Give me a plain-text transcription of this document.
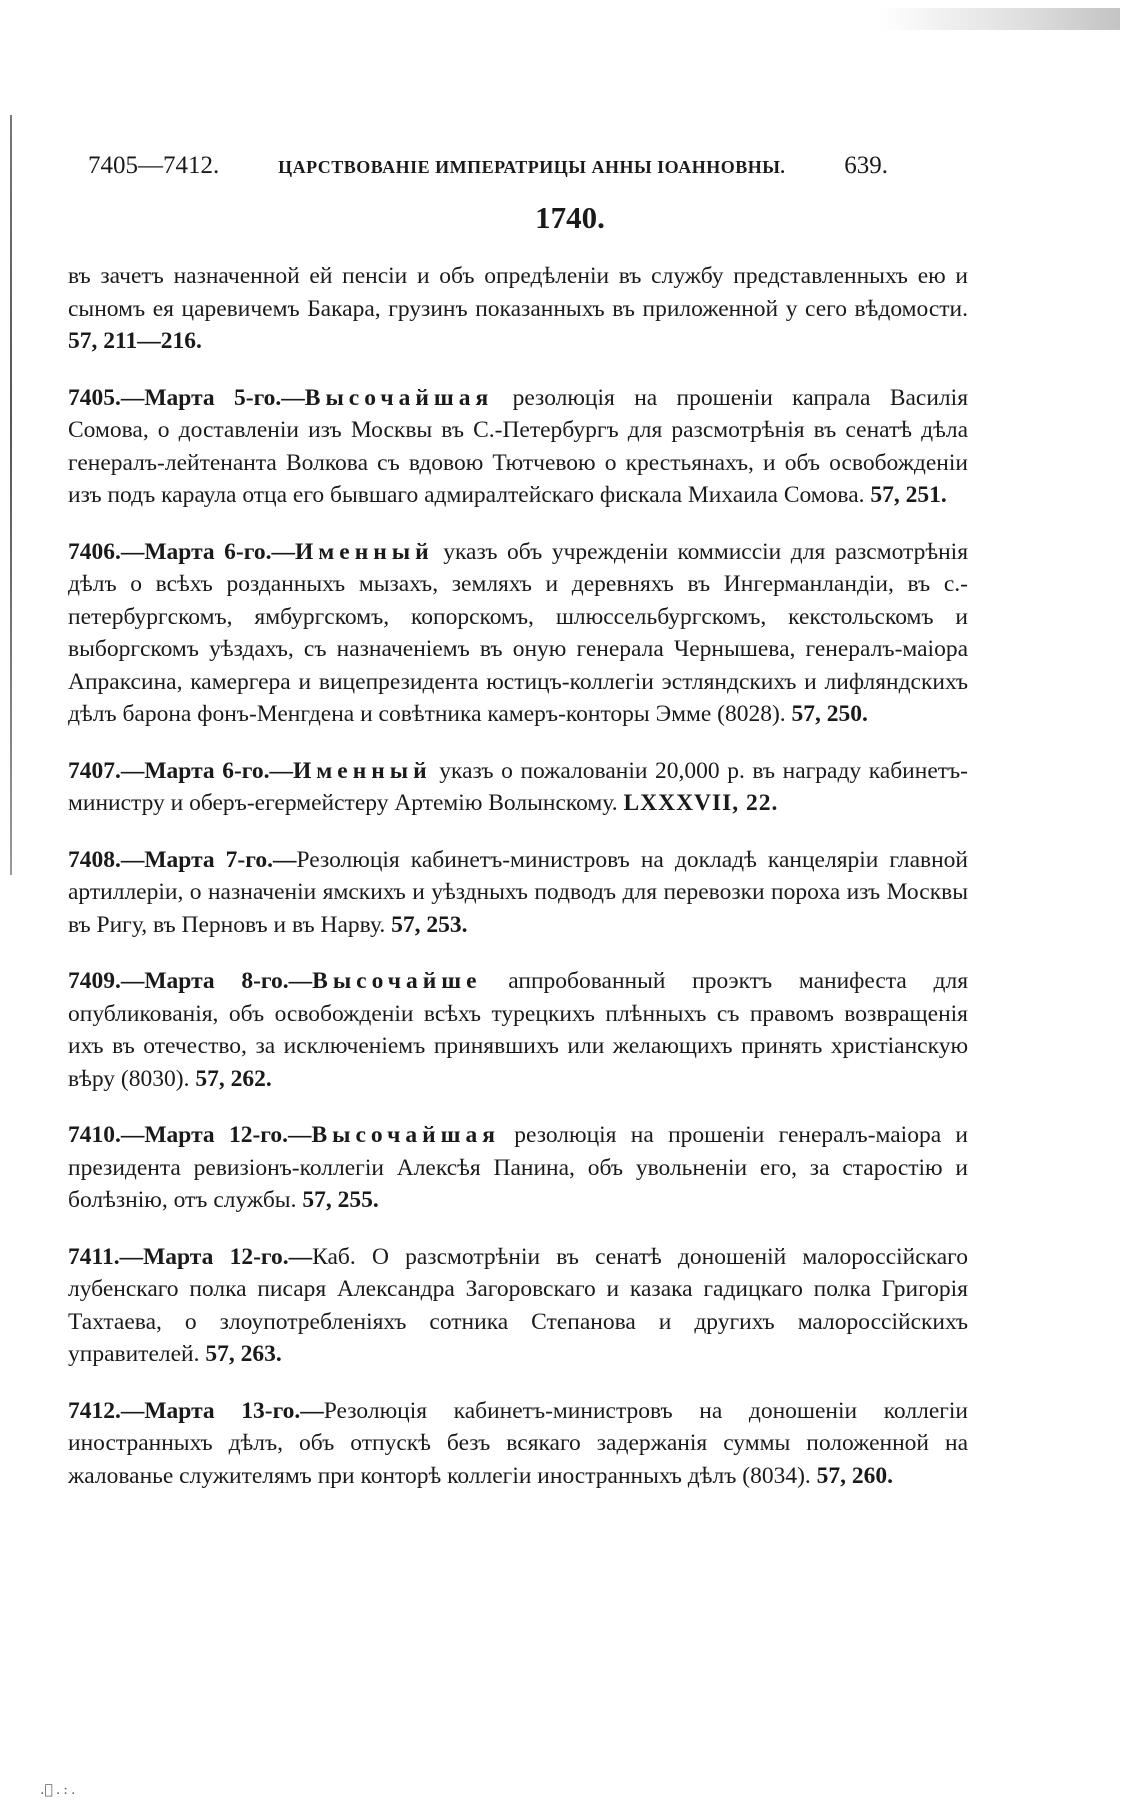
7405—7412.	ЦАРСТВОВАНІЕ ИМПЕРАТРИЦЫ АННЫ ІОАННОВНЫ. 639.
1740.

въ зачетъ назначенной ей пенсіи и объ опредѣленіи въ службу представленныхъ ею и сыномъ ея царевичемъ Бакара, грузинъ показанныхъ въ приложенной у сего вѣдомости. 57, 211—216.

7405.—Марта 5-го.—Высочайшая резолюція на прошеніи капрала Василія Сомова, о доставленіи изъ Москвы въ С.-Петербургъ для разсмотрѣнія въ сенатѣ дѣла генералъ-лейтенанта Волкова съ вдовою Тютчевою о крестьянахъ, и объ освобожденіи изъ подъ караула отца его бывшаго адмиралтейскаго фискала Михаила Сомова. 57, 251.

7406.—Марта 6-го.—Именный указъ объ учрежденіи коммиссіи для разсмотрѣнія дѣлъ о всѣхъ розданныхъ мызахъ, земляхъ и деревняхъ въ Ингерманландіи, въ с.-петербургскомъ, ямбургскомъ, копорскомъ, шлюссельбургскомъ, кекстольскомъ и выборгскомъ уѣздахъ, съ назначеніемъ въ оную генерала Чернышева, генералъ-маіора Апраксина, камергера и вицепрезидента юстицъ-коллегіи эстляндскихъ и лифляндскихъ дѣлъ барона фонъ-Менгдена и совѣтника камеръ-конторы Эмме (8028). 57, 250.

7407.—Марта 6-го.—Именный указъ о пожалованіи 20,000 р. въ награду кабинетъ-министру и оберъ-егермейстеру Артемію Волынскому. LXXXVII, 22.

7408.—Марта 7-го.—Резолюція кабинетъ-министровъ на докладѣ канцеляріи главной артиллеріи, о назначеніи ямскихъ и уѣздныхъ подводъ для перевозки пороха изъ Москвы въ Ригу, въ Перновъ и въ Нарву. 57, 253.

7409.—Марта 8-го.—Высочайше аппробованный проэктъ манифеста для опубликованія, объ освобожденіи всѣхъ турецкихъ плѣнныхъ съ правомъ возвращенія ихъ въ отечество, за исключеніемъ принявшихъ или желающихъ принять христіанскую вѣру (8030). 57, 262.

7410.—Марта 12-го.—Высочайшая резолюція на прошеніи генералъ-маіора и президента ревизіонъ-коллегіи Алексѣя Панина, объ увольненіи его, за старостію и болѣзнію, отъ службы. 57, 255.

7411.—Марта 12-го.—Каб. О разсмотрѣніи въ сенатѣ доношеній малороссійскаго лубенскаго полка писаря Александра Загоровскаго и казака гадицкаго полка Григорія Тахтаева, о злоупотребленіяхъ сотника Степанова и другихъ малороссійскихъ управителей. 57, 263.

7412.—Марта 13-го.—Резолюція кабинетъ-министровъ на доношеніи коллегіи иностранныхъ дѣлъ, объ отпускѣ безъ всякаго задержанія суммы положенной на жалованье служителямъ при конторѣ коллегіи иностранныхъ дѣлъ (8034). 57, 260.

.ﾞ.:.
